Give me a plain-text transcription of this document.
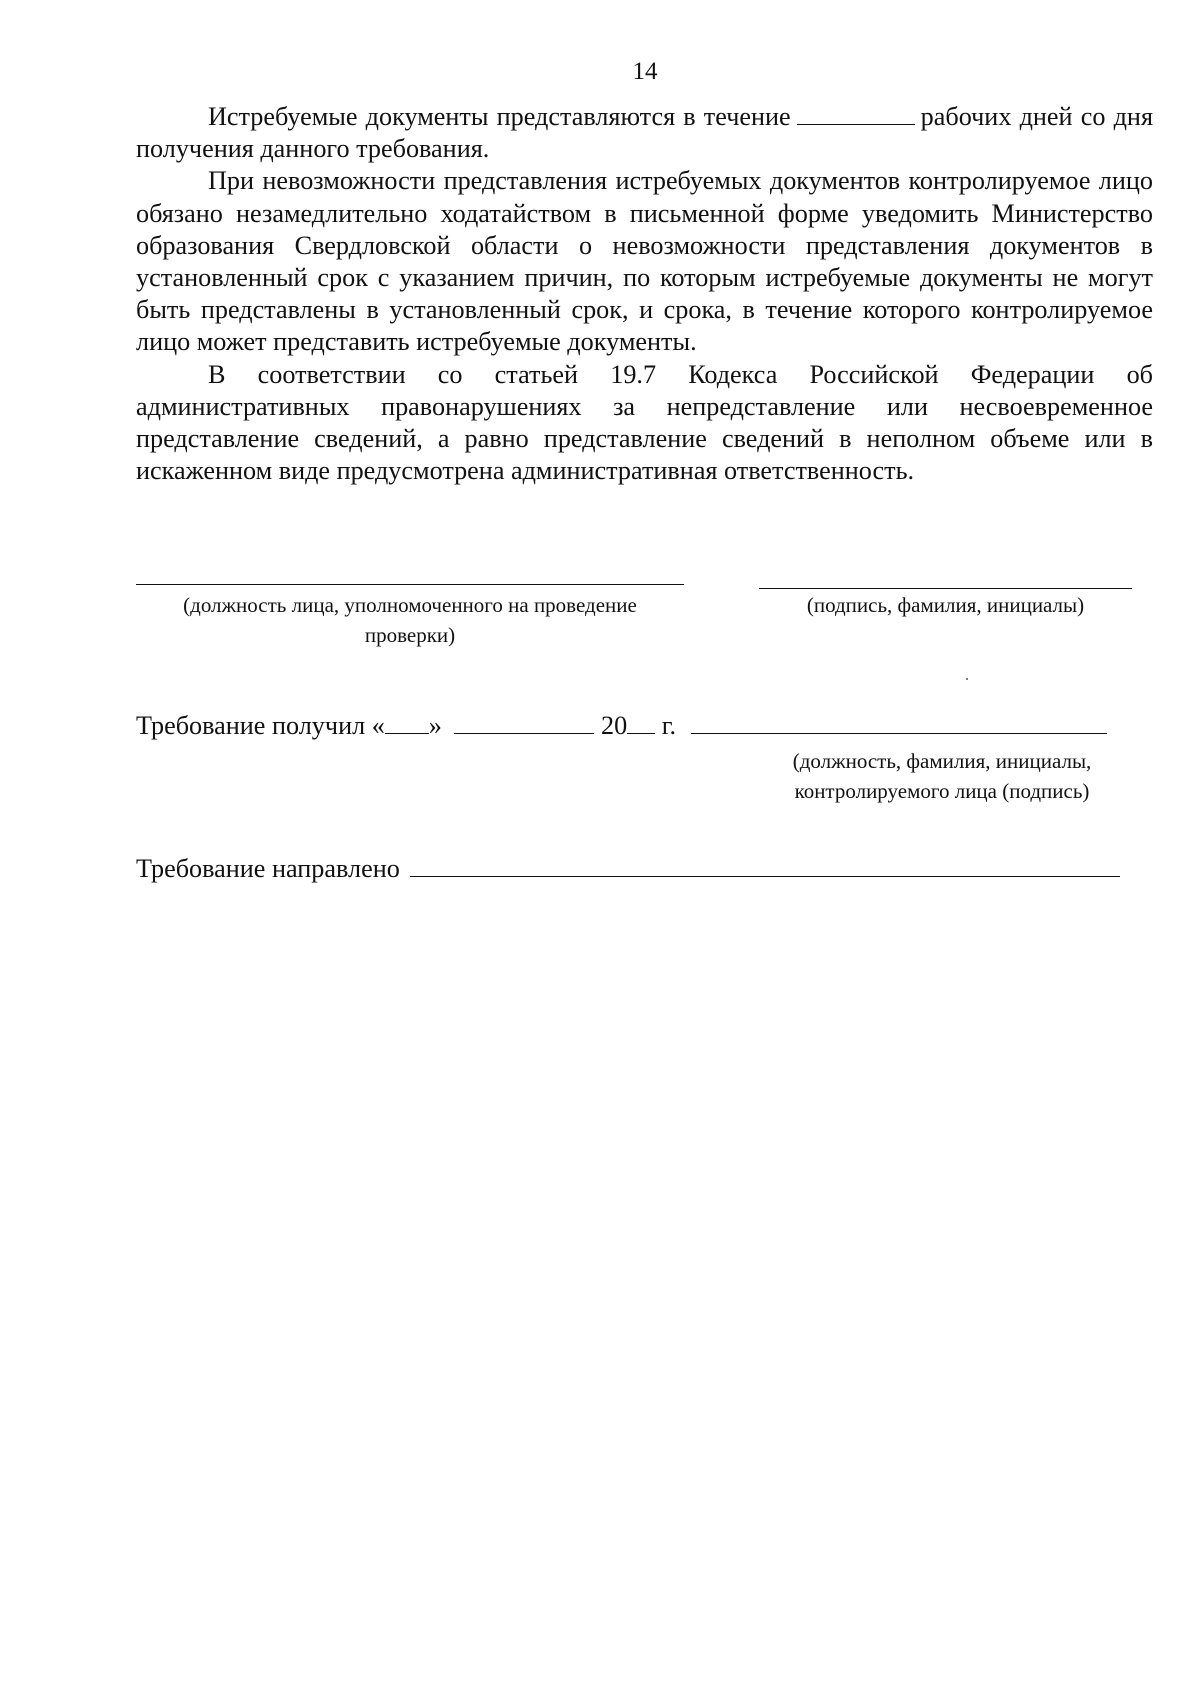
14

Истребуемые документы представляются в течение	рабочих дней со дня получения данного требования.

При невозможности представления истребуемых документов контролируемое лицо обязано незамедлительно ходатайством в письменной форме уведомить Министерство образования Свердловской области о невозможности представления документов в установленный срок с указанием причин, по которым истребуемые документы не могут быть представлены в установленный срок, и срока, в течение которого контролируемое лицо может представить истребуемые документы.

В соответствии со статьей 19.7 Кодекса Российской Федерации об административных правонарушениях за непредставление или несвоевременное представление сведений, а равно представление сведений в неполном объеме или в искаженном виде предусмотрена административная ответственность.

(должность лица, уполномоченного на проведение
проверки)

(подпись, фамилия, инициалы)

Требование получил « »	20 г.

(должность, фамилия, инициалы,
контролируемого лица (подпись)

Требование направлено
